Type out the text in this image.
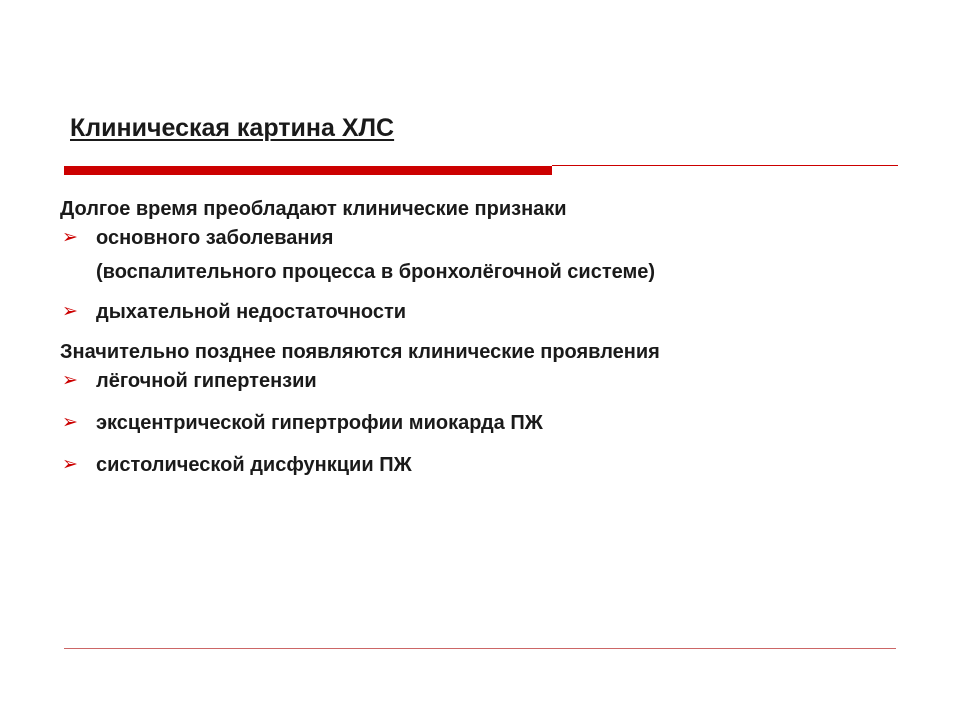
Клиническая картина ХЛС

Долгое время преобладают клинические признаки

➢ основного заболевания
(воспалительного процесса в бронхолёгочной системе)
➢ дыхательной недостаточности

Значительно позднее появляются клинические проявления

➢ лёгочной гипертензии
➢ эксцентрической гипертрофии миокарда ПЖ
➢ систолической дисфункции ПЖ
